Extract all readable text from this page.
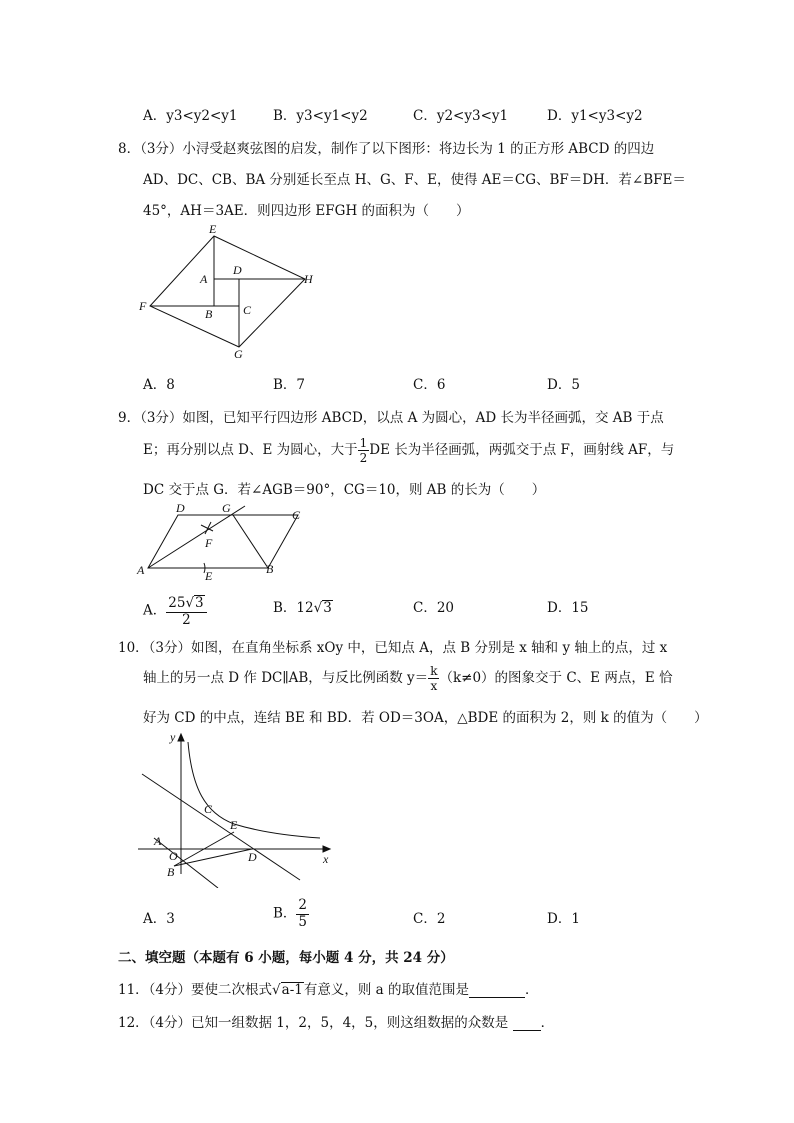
A．y3<y2<y1	B．y3<y1<y2	C．y2<y3<y1	D．y1<y3<y2
8．（3分）小浔受赵爽弦图的启发，制作了以下图形：将边长为 1 的正方形 ABCD 的四边
AD、DC、CB、BA 分别延长至点 H、G、F、E，使得 AE＝CG、BF＝DH．若∠BFE＝
45°，AH＝3AE．则四边形 EFGH 的面积为（　　）
E
A
D
H
F
B	C
G
A．8	B．7	C．6	D．5
9．（3分）如图，已知平行四边形 ABCD，以点 A 为圆心，AD 长为半径画弧，交 AB 于点
E；再分别以点 D、E 为圆心，大于 $\frac{1}{2}$ DE 长为半径画弧，两弧交于点 F，画射线 AF，与
DC 交于点 G．若∠AGB＝90°，CG＝10，则 AB 的长为（　　）
D	G	C
F
A	E	B
A． $\frac{25√3}{2}$	B．12√3	C．20	D．15
10．（3分）如图，在直角坐标系 xOy 中，已知点 A，点 B 分别是 x 轴和 y 轴上的点，过 x
轴上的另一点 D 作 DC∥AB，与反比例函数 $y= \frac{k}{x} (k\ne 0)$的图象交于 C、E 两点，E 恰
好为 CD 的中点，连结 BE 和 BD．若 OD＝3OA，△BDE 的面积为 2，则 k 的值为（　　）
y
C
E
A
O	D
B
x
A．3	B． $\frac{2}{5}$	C．2	D．1
二、填空题（本题有 6 小题，每小题 4 分，共 24 分）
11．（4分）要使二次根式√a-1有意义，则 a 的取值范围是	．
12．（4分）已知一组数据 1，2，5，4，5，则这组数据的众数是 ．
